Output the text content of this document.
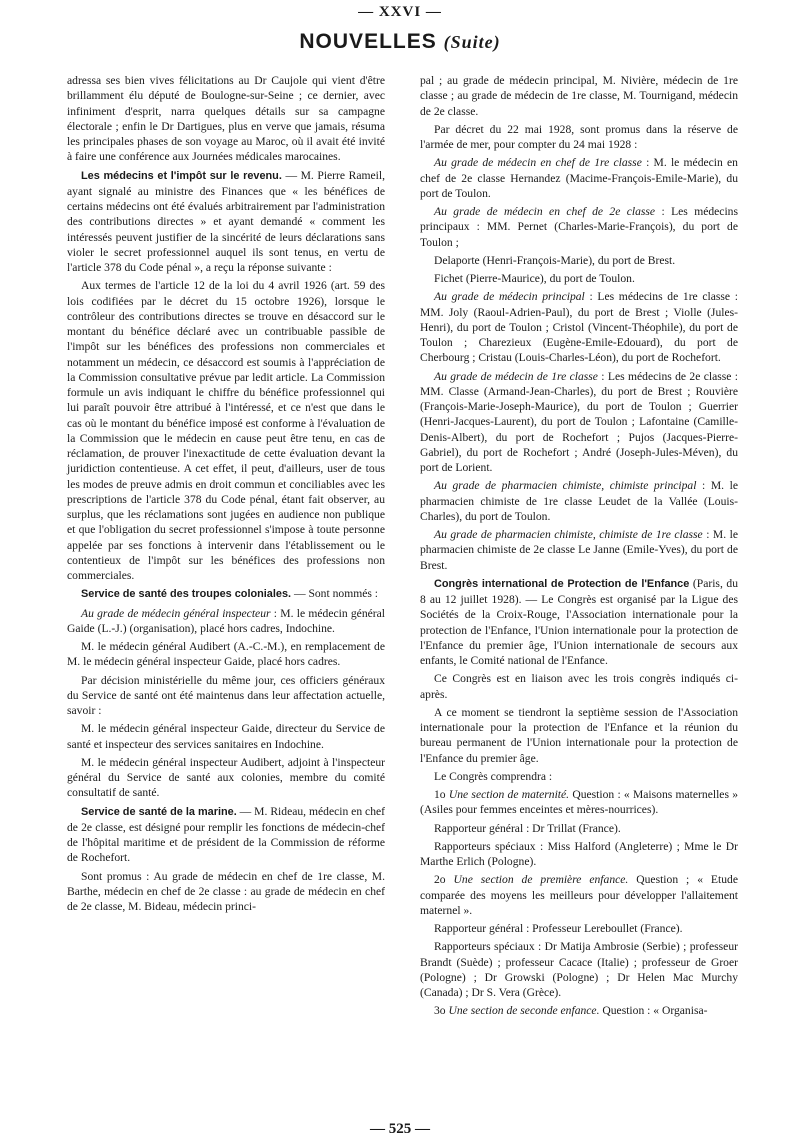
— XXVI —
NOUVELLES (Suite)

adressa ses bien vives félicitations au Dr Caujole qui vient d'être brillamment élu député de Boulogne-sur-Seine ; ce dernier, avec infiniment d'esprit, narra quelques détails sur sa campagne électorale ; enfin le Dr Dartigues, plus en verve que jamais, résuma les principales phases de son voyage au Maroc, où il avait été invité à faire une conférence aux Journées médicales marocaines.

Les médecins et l'impôt sur le revenu. — M. Pierre Rameil, ayant signalé au ministre des Finances que « les bénéfices de certains médecins ont été évalués arbitrairement par l'administration des contributions directes » et ayant demandé « comment les intéressés peuvent justifier de la sincérité de leurs déclarations sans violer le secret professionnel auquel ils sont tenus, en vertu de l'article 378 du Code pénal », a reçu la réponse suivante :

Aux termes de l'article 12 de la loi du 4 avril 1926 (art. 59 des lois codifiées par le décret du 15 octobre 1926), lorsque le contrôleur des contributions directes se trouve en désaccord sur le montant du bénéfice déclaré avec un contribuable passible de l'impôt sur les bénéfices des professions non commerciales et notamment un médecin, ce désaccord est soumis à l'appréciation de la Commission consultative prévue par ledit article. La Commission formule un avis indiquant le chiffre du bénéfice professionnel qui lui paraît pouvoir être attribué à l'intéressé, et ce n'est que dans le cas où le montant du bénéfice imposé est conforme à l'évaluation de la Commission que le médecin en cause peut être tenu, en cas de réclamation, de prouver l'inexactitude de cette évaluation devant la juridiction contentieuse. A cet effet, il peut, d'ailleurs, user de tous les modes de preuve admis en droit commun et conciliables avec les prescriptions de l'article 378 du Code pénal, étant fait observer, au surplus, que les réclamations sont jugées en audience non publique et que l'obligation du secret professionnel s'impose à toute personne appelée par ses fonctions à intervenir dans l'établissement ou le contentieux de l'impôt sur les bénéfices des professions non commerciales.

Service de santé des troupes coloniales. — Sont nommés :

Au grade de médecin général inspecteur : M. le médecin général Gaide (L.-J.) (organisation), placé hors cadres, Indochine.

M. le médecin général Audibert (A.-C.-M.), en remplacement de M. le médecin général inspecteur Gaide, placé hors cadres.

Par décision ministérielle du même jour, ces officiers généraux du Service de santé ont été maintenus dans leur affectation actuelle, savoir :

M. le médecin général inspecteur Gaide, directeur du Service de santé et inspecteur des services sanitaires en Indochine.

M. le médecin général inspecteur Audibert, adjoint à l'inspecteur général du Service de santé aux colonies, membre du comité consultatif de santé.

Service de santé de la marine. — M. Rideau, médecin en chef de 2e classe, est désigné pour remplir les fonctions de médecin-chef de l'hôpital maritime et de président de la Commission de réforme de Rochefort.

Sont promus : Au grade de médecin en chef de 1re classe, M. Barthe, médecin en chef de 2e classe : au grade de médecin en chef de 2e classe, M. Bideau, médecin princi-

pal ; au grade de médecin principal, M. Nivière, médecin de 1re classe ; au grade de médecin de 1re classe, M. Tournigand, médecin de 2e classe.

Par décret du 22 mai 1928, sont promus dans la réserve de l'armée de mer, pour compter du 24 mai 1928 :

Au grade de médecin en chef de 1re classe : M. le médecin en chef de 2e classe Hernandez (Macime-François-Emile-Marie), du port de Toulon.

Au grade de médecin en chef de 2e classe : Les médecins principaux : MM. Pernet (Charles-Marie-François), du port de Toulon ;

Delaporte (Henri-François-Marie), du port de Brest.

Fichet (Pierre-Maurice), du port de Toulon.

Au grade de médecin principal : Les médecins de 1re classe : MM. Joly (Raoul-Adrien-Paul), du port de Brest ; Violle (Jules-Henri), du port de Toulon ; Cristol (Vincent-Théophile), du port de Toulon ; Charezieux (Eugène-Emile-Edouard), du port de Cherbourg ; Cristau (Louis-Charles-Léon), du port de Rochefort.

Au grade de médecin de 1re classe : Les médecins de 2e classe : MM. Classe (Armand-Jean-Charles), du port de Brest ; Rouvière (François-Marie-Joseph-Maurice), du port de Toulon ; Guerrier (Henri-Jacques-Laurent), du port de Toulon ; Lafontaine (Camille-Denis-Albert), du port de Rochefort ; Pujos (Jacques-Pierre-Gabriel), du port de Rochefort ; André (Joseph-Jules-Méven), du port de Lorient.

Au grade de pharmacien chimiste, chimiste principal : M. le pharmacien chimiste de 1re classe Leudet de la Vallée (Louis-Charles), du port de Toulon.

Au grade de pharmacien chimiste, chimiste de 1re classe : M. le pharmacien chimiste de 2e classe Le Janne (Emile-Yves), du port de Brest.

Congrès international de Protection de l'Enfance (Paris, du 8 au 12 juillet 1928). — Le Congrès est organisé par la Ligue des Sociétés de la Croix-Rouge, l'Association internationale pour la protection de l'Enfance, l'Union internationale pour la protection de l'Enfance du premier âge, l'Union internationale de secours aux enfants, le Comité national de l'Enfance.

Ce Congrès est en liaison avec les trois congrès indiqués ci-après.

A ce moment se tiendront la septième session de l'Association internationale pour la protection de l'Enfance et la réunion du bureau permanent de l'Union internationale pour la protection de l'Enfance du premier âge.

Le Congrès comprendra :

1o Une section de maternité. Question : « Maisons maternelles » (Asiles pour femmes enceintes et mères-nourrices).

Rapporteur général : Dr Trillat (France).

Rapporteurs spéciaux : Miss Halford (Angleterre) ; Mme le Dr Marthe Erlich (Pologne).

2o Une section de première enfance. Question ; « Etude comparée des moyens les meilleurs pour développer l'allaitement maternel ».

Rapporteur général : Professeur Lereboullet (France).

Rapporteurs spéciaux : Dr Matija Ambrosie (Serbie) ; professeur Brandt (Suède) ; professeur Cacace (Italie) ; professeur de Groer (Pologne) ; Dr Growski (Pologne) ; Dr Helen Mac Murchy (Canada) ; Dr S. Vera (Grèce).

3o Une section de seconde enfance. Question : « Organisa-

— 525 —
